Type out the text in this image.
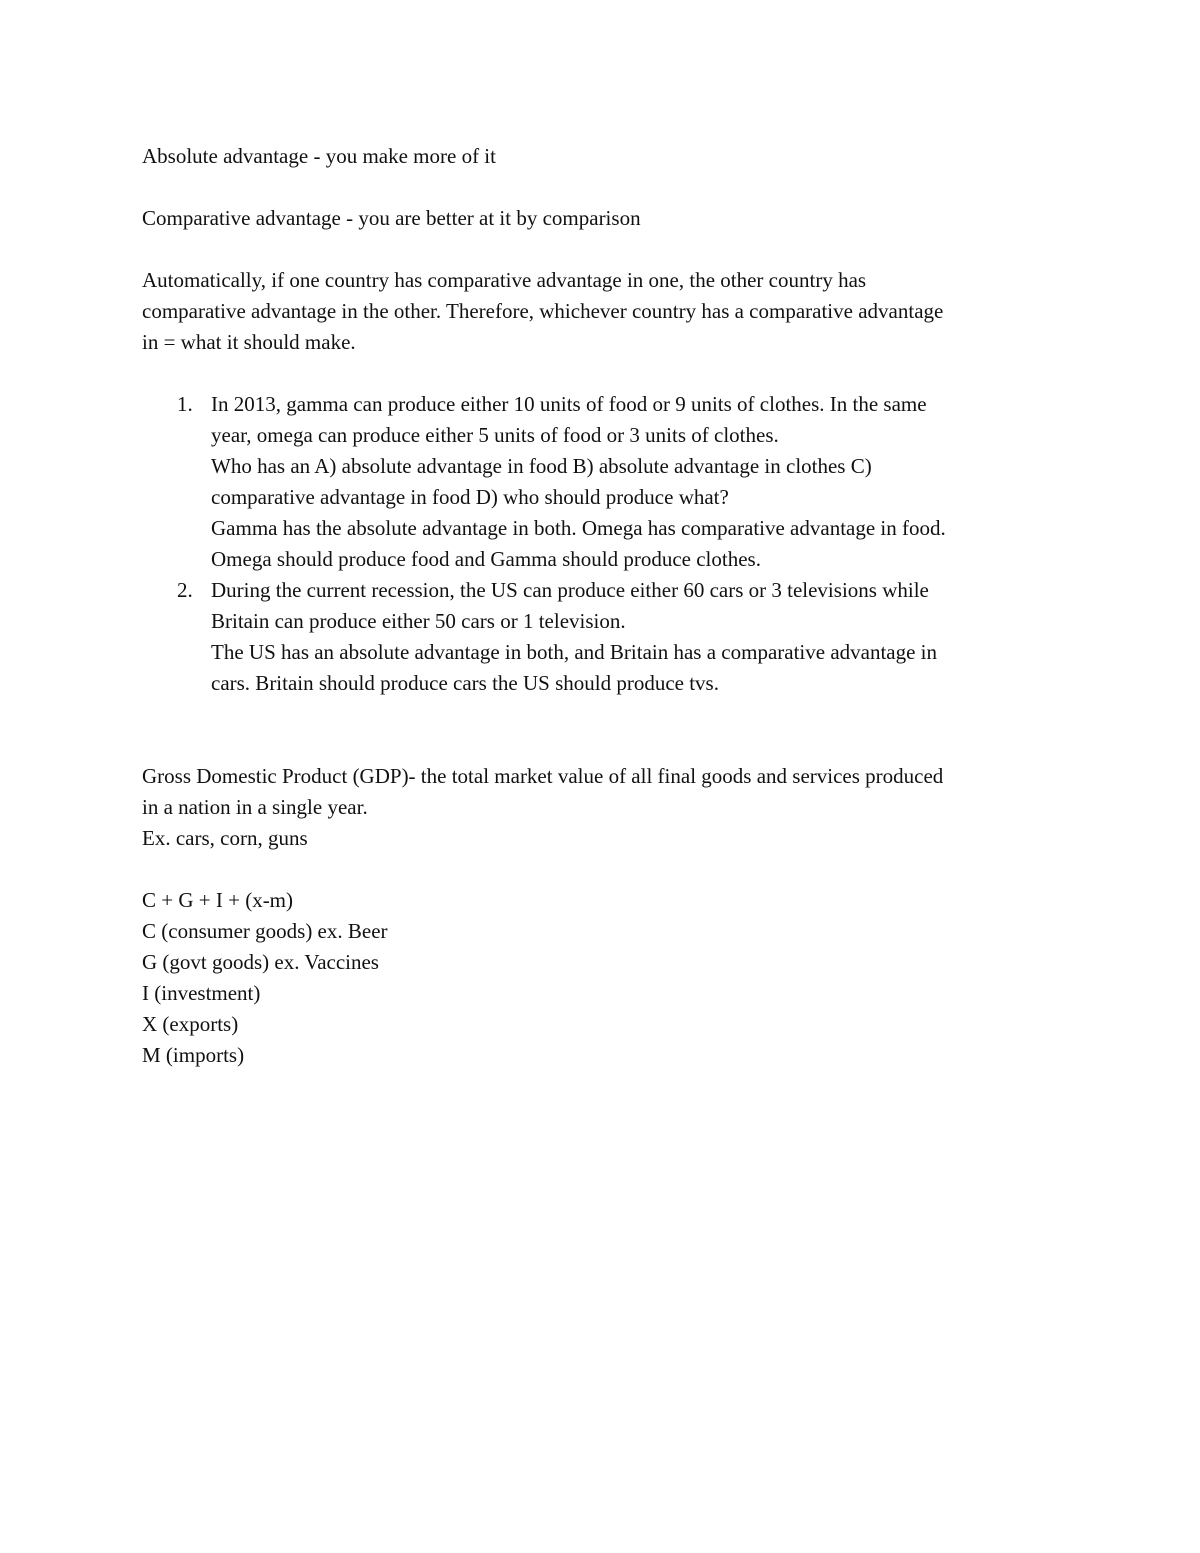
Absolute advantage - you make more of it

Comparative advantage - you are better at it by comparison

Automatically, if one country has comparative advantage in one, the other country has
comparative advantage in the other. Therefore, whichever country has a comparative advantage
in = what it should make.

1. In 2013, gamma can produce either 10 units of food or 9 units of clothes. In the same
year, omega can produce either 5 units of food or 3 units of clothes.
Who has an A) absolute advantage in food B) absolute advantage in clothes C)
comparative advantage in food D) who should produce what?
Gamma has the absolute advantage in both. Omega has comparative advantage in food.
Omega should produce food and Gamma should produce clothes.
2. During the current recession, the US can produce either 60 cars or 3 televisions while
Britain can produce either 50 cars or 1 television.
The US has an absolute advantage in both, and Britain has a comparative advantage in
cars. Britain should produce cars the US should produce tvs.
Gross Domestic Product (GDP)- the total market value of all final goods and services produced
in a nation in a single year.
Ex. cars, corn, guns
C + G + I + (x-m)
C (consumer goods) ex. Beer
G (govt goods) ex. Vaccines
I (investment)
X (exports)
M (imports)
